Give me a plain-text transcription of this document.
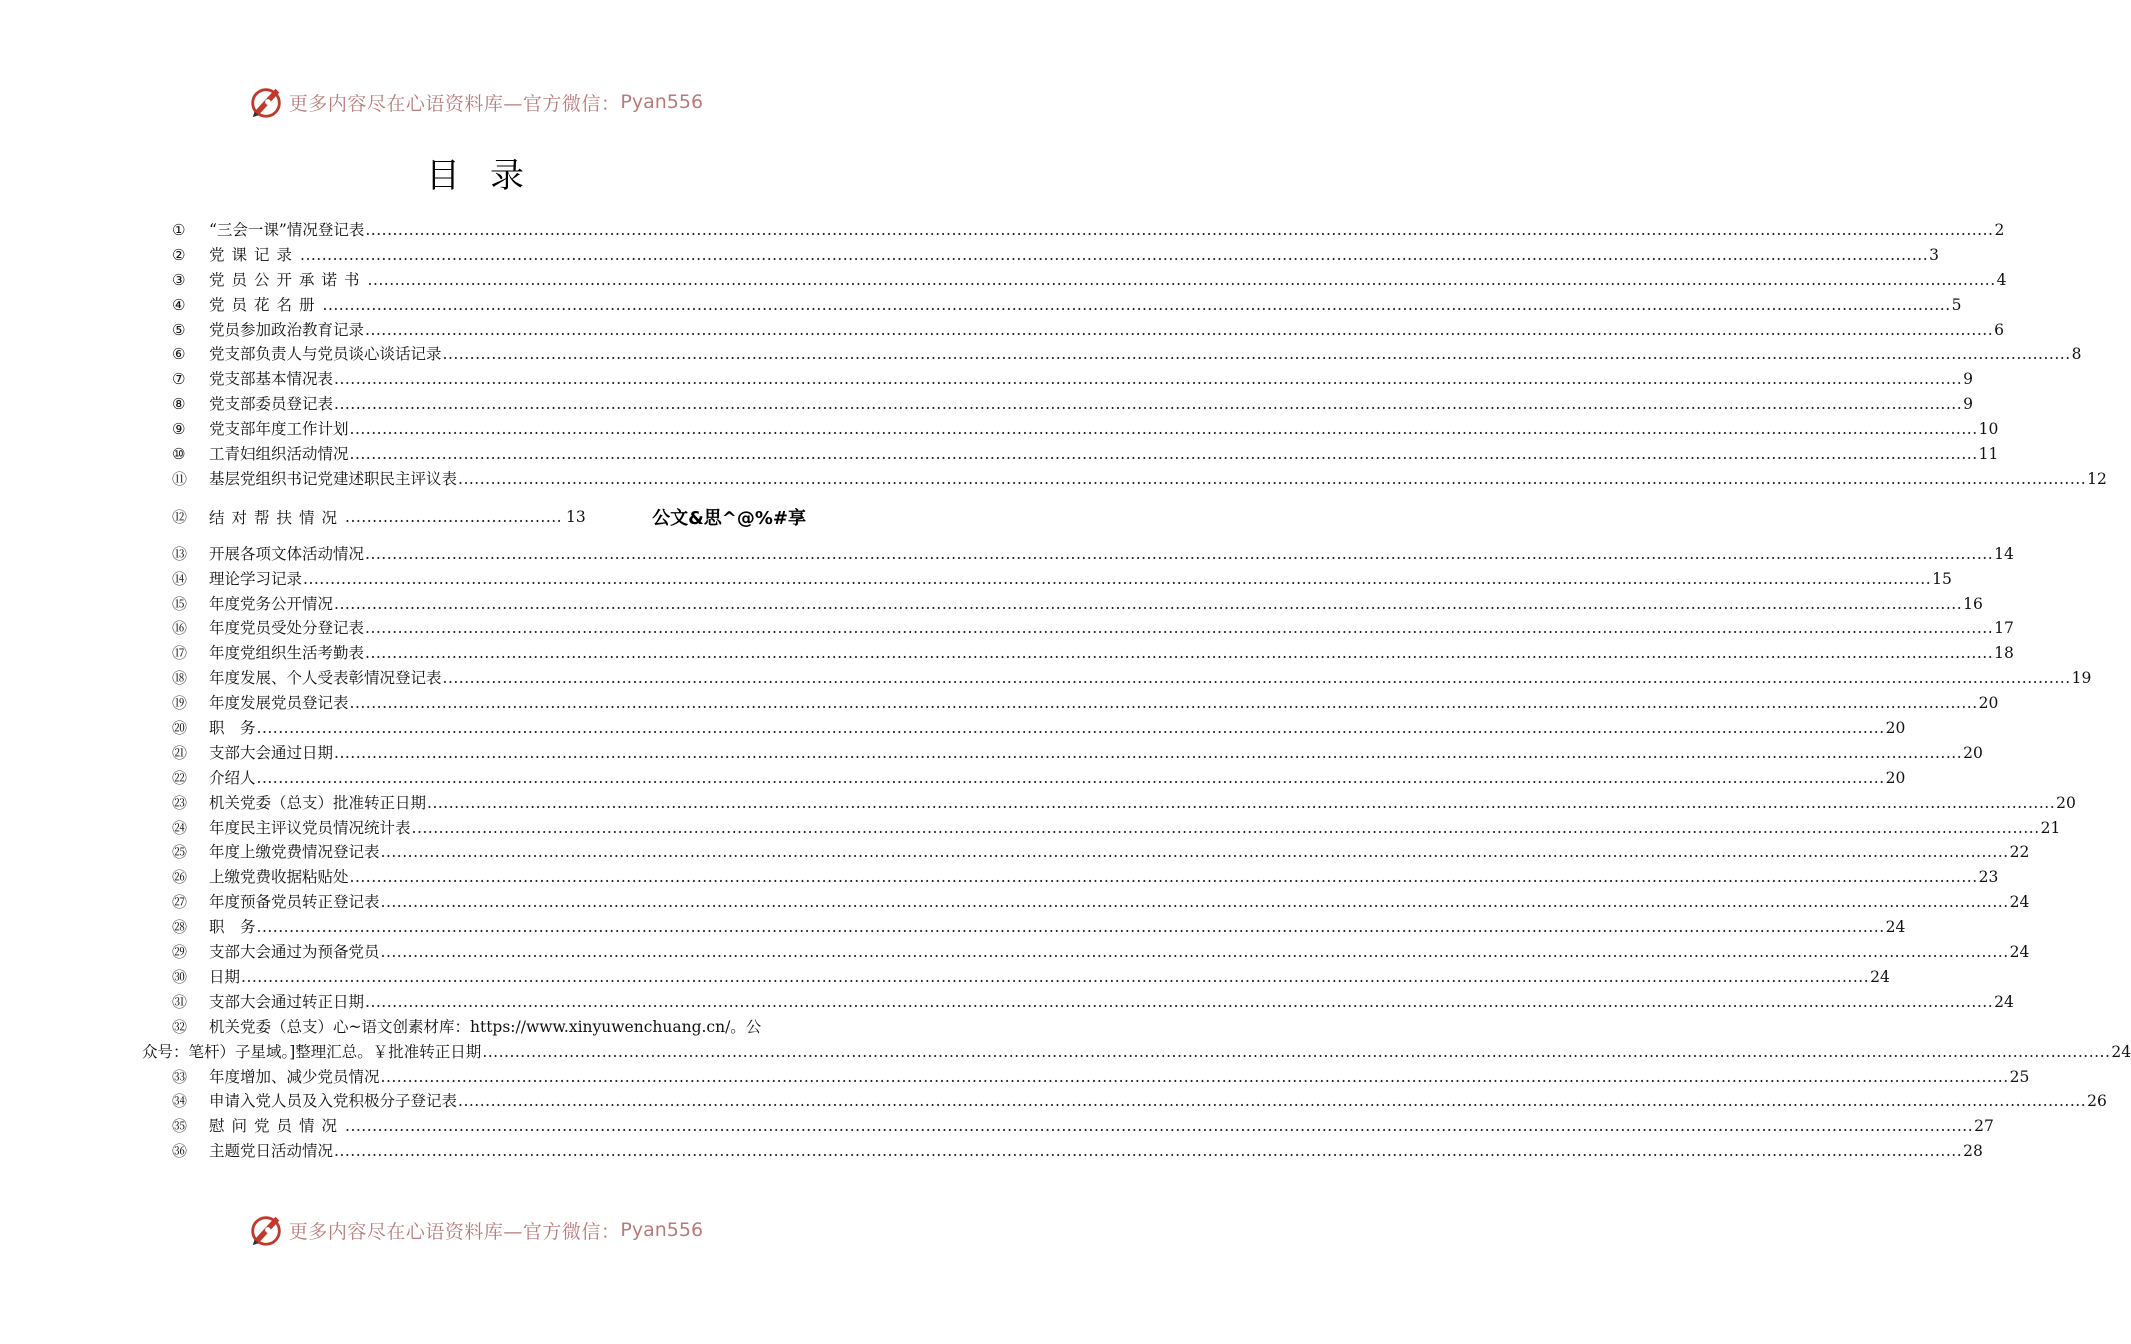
更多内容尽在心语资料库—官方微信： Pyan556
目录
①	“三会一课”情况登记表 ............................................................................................................................................................................................................................................................................................................ 2
②	党课记录 ............................................................................................................................................................................................................................................................................................................ 3
③	党员公开承诺书 ............................................................................................................................................................................................................................................................................................................ 4
④	党员花名册 ............................................................................................................................................................................................................................................................................................................ 5
⑤	党员参加政治教育记录 ............................................................................................................................................................................................................................................................................................................ 6
⑥	党支部负责人与党员谈心谈话记录 ............................................................................................................................................................................................................................................................................................................ 8
⑦	党支部基本情况表 ............................................................................................................................................................................................................................................................................................................ 9
⑧	党支部委员登记表 ............................................................................................................................................................................................................................................................................................................ 9
⑨	党支部年度工作计划 ............................................................................................................................................................................................................................................................................................................ 10
⑩	工青妇组织活动情况 ............................................................................................................................................................................................................................................................................................................ 11
⑪	基层党组织书记党建述职民主评议表 ............................................................................................................................................................................................................................................................................................................ 12
⑫	结对帮扶情况 ........................................ 13	公文&思^@%#享
⑬	开展各项文体活动情况 ............................................................................................................................................................................................................................................................................................................ 14
⑭	理论学习记录 ............................................................................................................................................................................................................................................................................................................ 15
⑮	年度党务公开情况 ............................................................................................................................................................................................................................................................................................................ 16
⑯	年度党员受处分登记表 ............................................................................................................................................................................................................................................................................................................ 17
⑰	年度党组织生活考勤表 ............................................................................................................................................................................................................................................................................................................ 18
⑱	年度发展、个人受表彰情况登记表 ............................................................................................................................................................................................................................................................................................................ 19
⑲	年度发展党员登记表 ............................................................................................................................................................................................................................................................................................................ 20
⑳	职　务 ............................................................................................................................................................................................................................................................................................................ 20
㉑	支部大会通过日期 ............................................................................................................................................................................................................................................................................................................ 20
㉒	介绍人 ............................................................................................................................................................................................................................................................................................................ 20
㉓	机关党委（总支）批准转正日期 ............................................................................................................................................................................................................................................................................................................ 20
㉔	年度民主评议党员情况统计表 ............................................................................................................................................................................................................................................................................................................ 21
㉕	年度上缴党费情况登记表 ............................................................................................................................................................................................................................................................................................................ 22
㉖	上缴党费收据粘贴处 ............................................................................................................................................................................................................................................................................................................ 23
㉗	年度预备党员转正登记表 ............................................................................................................................................................................................................................................................................................................ 24
㉘	职　务 ............................................................................................................................................................................................................................................................................................................ 24
㉙	支部大会通过为预备党员 ............................................................................................................................................................................................................................................................................................................ 24
㉚	日期 ............................................................................................................................................................................................................................................................................................................ 24
㉛	支部大会通过转正日期 ............................................................................................................................................................................................................................................................................................................ 24
㉜	机关党委（总支）心~语文创素材库：https://www.xinyuwenchuang.cn/。公
众号：笔杆）子星域。]整理汇总。￥批准转正日期 ............................................................................................................................................................................................................................................................................................................ 24
㉝	年度增加、减少党员情况 ............................................................................................................................................................................................................................................................................................................ 25
㉞	申请入党人员及入党积极分子登记表 ............................................................................................................................................................................................................................................................................................................ 26
㉟	慰问党员情况 ............................................................................................................................................................................................................................................................................................................ 27
㊱	主题党日活动情况 ............................................................................................................................................................................................................................................................................................................ 28
更多内容尽在心语资料库—官方微信： Pyan556
